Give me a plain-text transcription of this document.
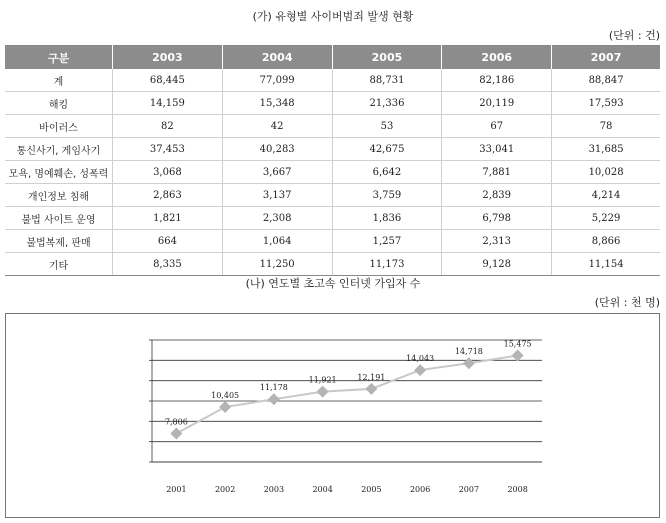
(가) 유형별 사이버범죄 발생 현황
(단위 : 건)
구분	2003	2004	2005	2006	2007
계	68,445	77,099	88,731	82,186	88,847
해킹	14,159	15,348	21,336	20,119	17,593
바이러스	82	42	53	67	78
통신사기, 게임사기	37,453	40,283	42,675	33,041	31,685
모욕, 명예훼손, 성폭력	3,068	3,667	6,642	7,881	10,028
개인정보 침해	2,863	3,137	3,759	2,839	4,214
불법 사이트 운영	1,821	2,308	1,836	6,798	5,229
불법복제, 판매	664	1,064	1,257	2,313	8,866
기타	8,335	11,250	11,173	9,128	11,154
(나) 연도별 초고속 인터넷 가입자 수
(단위 : 천 명)
7,806
10,405
11,178
11,921	12,191
14,043
14,718
15,475
2001	2002	2003	2004	2005	2006	2007	2008
